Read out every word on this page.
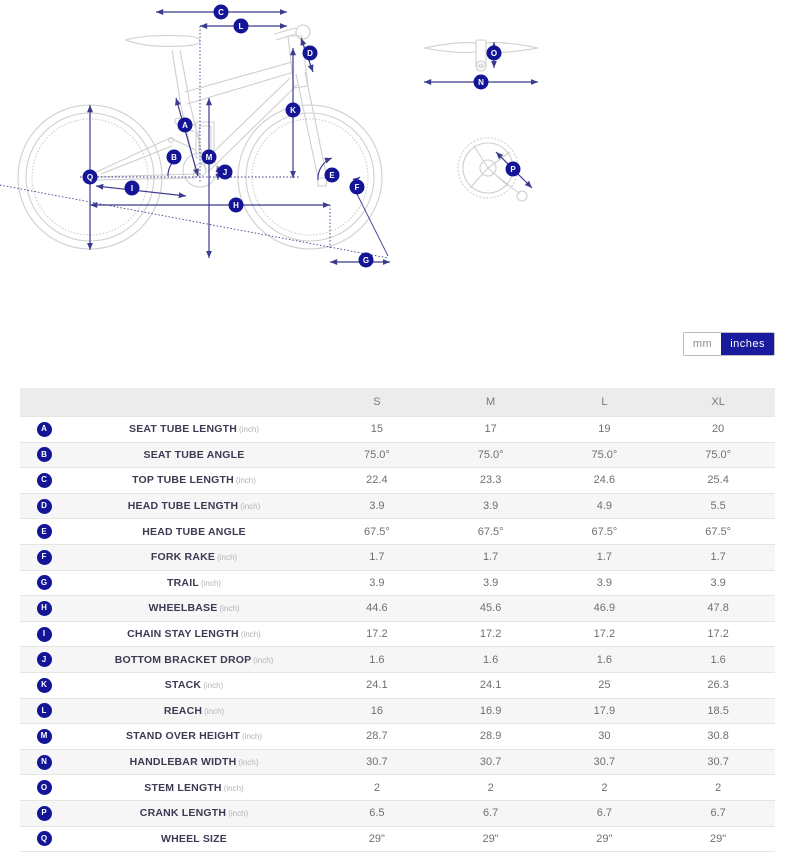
A
B
C
D
E
F
G
H
I
J
K
L
M
N
O
P
Q
mm	inches
		S	M	L	XL
A	SEAT TUBE LENGTH (inch)	15	17	19	20
B	SEAT TUBE ANGLE	75.0°	75.0°	75.0°	75.0°
C	TOP TUBE LENGTH (inch)	22.4	23.3	24.6	25.4
D	HEAD TUBE LENGTH (inch)	3.9	3.9	4.9	5.5
E	HEAD TUBE ANGLE	67.5°	67.5°	67.5°	67.5°
F	FORK RAKE (inch)	1.7	1.7	1.7	1.7
G	TRAIL (inch)	3.9	3.9	3.9	3.9
H	WHEELBASE (inch)	44.6	45.6	46.9	47.8
I	CHAIN STAY LENGTH (inch)	17.2	17.2	17.2	17.2
J	BOTTOM BRACKET DROP (inch)	1.6	1.6	1.6	1.6
K	STACK (inch)	24.1	24.1	25	26.3
L	REACH (inch)	16	16.9	17.9	18.5
M	STAND OVER HEIGHT (inch)	28.7	28.9	30	30.8
N	HANDLEBAR WIDTH (inch)	30.7	30.7	30.7	30.7
O	STEM LENGTH (inch)	2	2	2	2
P	CRANK LENGTH (inch)	6.5	6.7	6.7	6.7
Q	WHEEL SIZE	29"	29"	29"	29"
